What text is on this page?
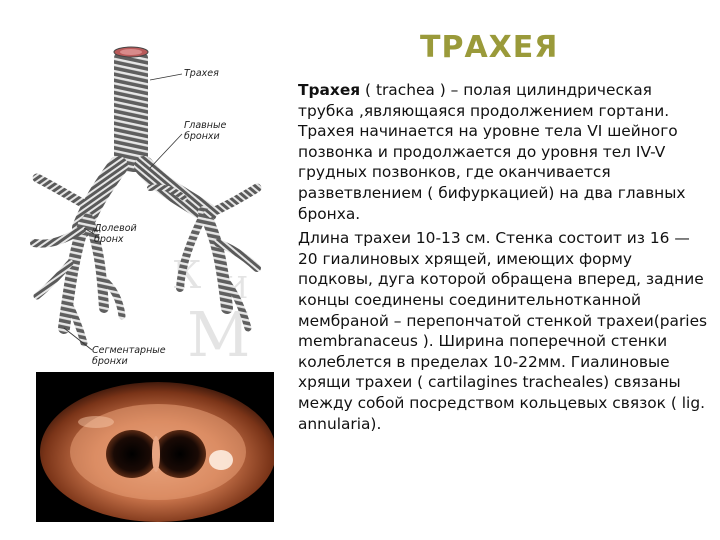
ТРАХЕЯ

Трахея ( trachea ) – полая цилиндрическая трубка ,являющаяся продолжением гортани. Трахея начинается на уровне тела VI шейного позвонка и продолжается до уровня тел IV-V грудных позвонков, где оканчивается разветвлением ( бифуркацией) на два главных бронха.

Длина трахеи 10-13 см. Стенка состоит из 16 — 20 гиалиновых хрящей, имеющих форму подковы, дуга которой обращена вперед, задние концы соединены соединительнотканной мембраной – перепончатой стенкой трахеи(paries membranaceus ). Ширина поперечной стенки колеблется в пределах 10-22мм. Гиалиновые хрящи трахеи ( cartilagines tracheales) связаны между собой посредством кольцевых связок ( lig. annularia).

К И
М
Трахея
Главные бронхи
Долевой бронх
Сегментарные бронхи
